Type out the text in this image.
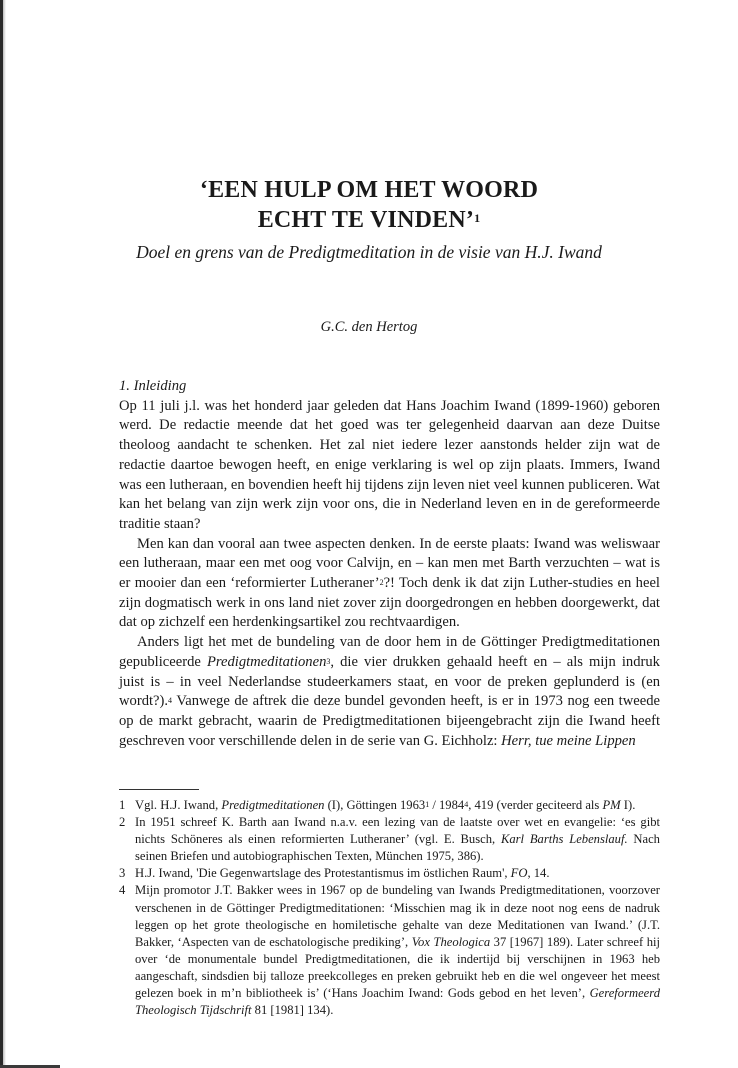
‘EEN HULP OM HET WOORD
ECHT TE VINDEN’$^1$
Doel en grens van de Predigtmeditation in de visie van H.J. Iwand
G.C. den Hertog
1. Inleiding

Op 11 juli j.l. was het honderd jaar geleden dat Hans Joachim Iwand (1899-1960) geboren werd. De redactie meende dat het goed was ter gelegenheid daarvan aan deze Duitse theoloog aandacht te schenken. Het zal niet iedere lezer aanstonds helder zijn wat de redactie daartoe bewogen heeft, en enige verklaring is wel op zijn plaats. Immers, Iwand was een lutheraan, en bovendien heeft hij tijdens zijn leven niet veel kunnen publiceren. Wat kan het belang van zijn werk zijn voor ons, die in Nederland leven en in de gereformeerde traditie staan?

Men kan dan vooral aan twee aspecten denken. In de eerste plaats: Iwand was weliswaar een lutheraan, maar een met oog voor Calvijn, en – kan men met Barth verzuchten – wat is er mooier dan een ‘reformierter Lutheraner’$^2$?! Toch denk ik dat zijn Luther-studies en heel zijn dogmatisch werk in ons land niet zover zijn doorgedrongen en hebben doorgewerkt, dat dat op zichzelf een herdenkingsartikel zou rechtvaardigen.

Anders ligt het met de bundeling van de door hem in de Göttinger Predigtmeditationen gepubliceerde Predigtmeditationen$^3$, die vier drukken gehaald heeft en – als mijn indruk juist is – in veel Nederlandse studeerkamers staat, en voor de preken geplunderd is (en wordt?).$^4$ Vanwege de aftrek die deze bundel gevonden heeft, is er in 1973 nog een tweede op de markt gebracht, waarin de Predigtmeditationen bijeengebracht zijn die Iwand heeft geschreven voor verschillende delen in de serie van G. Eichholz: Herr, tue meine Lippen

1 Vgl. H.J. Iwand, Predigtmeditationen (I), Göttingen 1963$^1$ / 1984$^4$, 419 (verder geciteerd als PM I).
2 In 1951 schreef K. Barth aan Iwand n.a.v. een lezing van de laatste over wet en evangelie: ‘es gibt nichts Schöneres als einen reformierten Lutheraner’ (vgl. E. Busch, Karl Barths Lebenslauf. Nach seinen Briefen und autobiographischen Texten, München 1975, 386).
3 H.J. Iwand, 'Die Gegenwartslage des Protestantismus im östlichen Raum', FO, 14.
4 Mijn promotor J.T. Bakker wees in 1967 op de bundeling van Iwands Predigtmeditationen, voorzover verschenen in de Göttinger Predigtmeditationen: ‘Misschien mag ik in deze noot nog eens de nadruk leggen op het grote theologische en homiletische gehalte van deze Meditationen van Iwand.’ (J.T. Bakker, ‘Aspecten van de eschatologische prediking’, Vox Theologica 37 [1967] 189). Later schreef hij over ‘de monumentale bundel Predigtmeditationen, die ik indertijd bij verschijnen in 1963 heb aangeschaft, sindsdien bij talloze preekcolleges en preken gebruikt heb en die wel ongeveer het meest gelezen boek in m’n bibliotheek is’ (‘Hans Joachim Iwand: Gods gebod en het leven’, Gereformeerd Theologisch Tijdschrift 81 [1981] 134).
